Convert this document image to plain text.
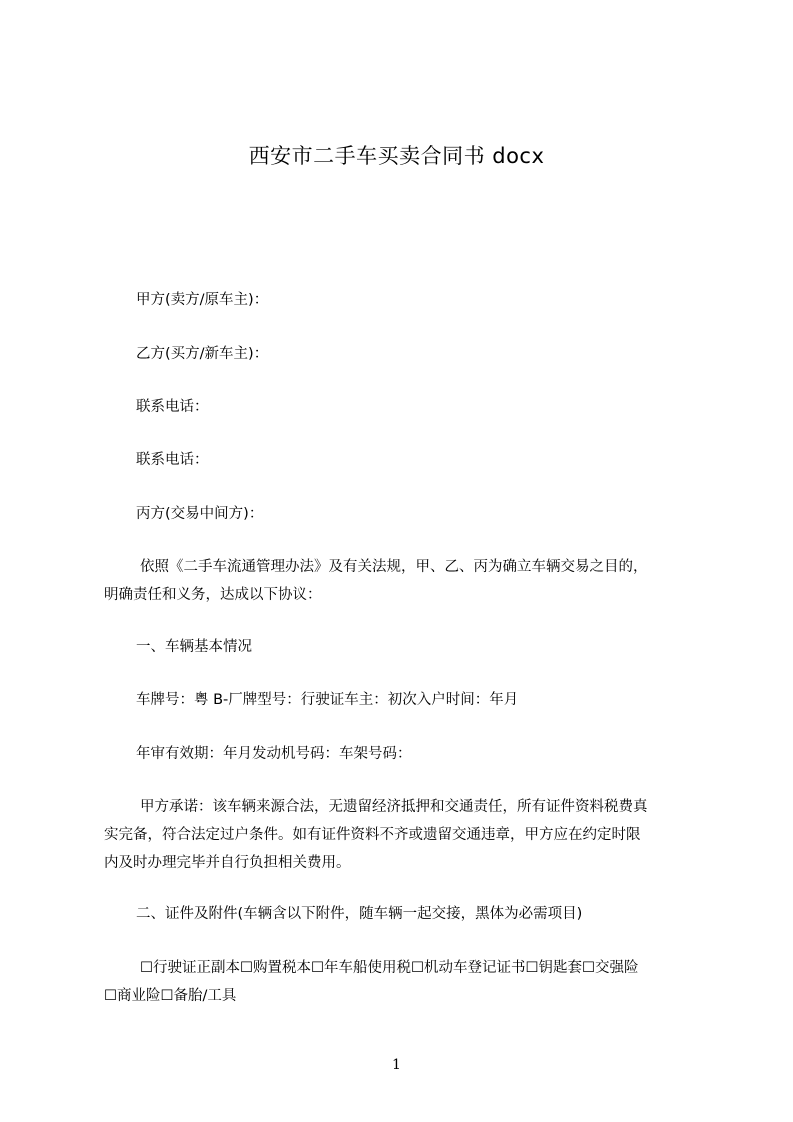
西安市二手车买卖合同书 docx
甲方(卖方/原车主)：
乙方(买方/新车主)：
联系电话：
联系电话：
丙方(交易中间方)：
依照《二手车流通管理办法》及有关法规，甲、乙、丙为确立车辆交易之目的，
明确责任和义务，达成以下协议：
一、车辆基本情况
车牌号：粤 B-厂牌型号：行驶证车主：初次入户时间：年月
年审有效期：年月发动机号码：车架号码：
甲方承诺：该车辆来源合法，无遗留经济抵押和交通责任，所有证件资料税费真
实完备，符合法定过户条件。如有证件资料不齐或遗留交通违章，甲方应在约定时限
内及时办理完毕并自行负担相关费用。
二、证件及附件(车辆含以下附件，随车辆一起交接，黑体为必需项目)
☐行驶证正副本☐购置税本☐年车船使用税☐机动车登记证书☐钥匙套☐交强险
☐商业险☐备胎/工具
1
